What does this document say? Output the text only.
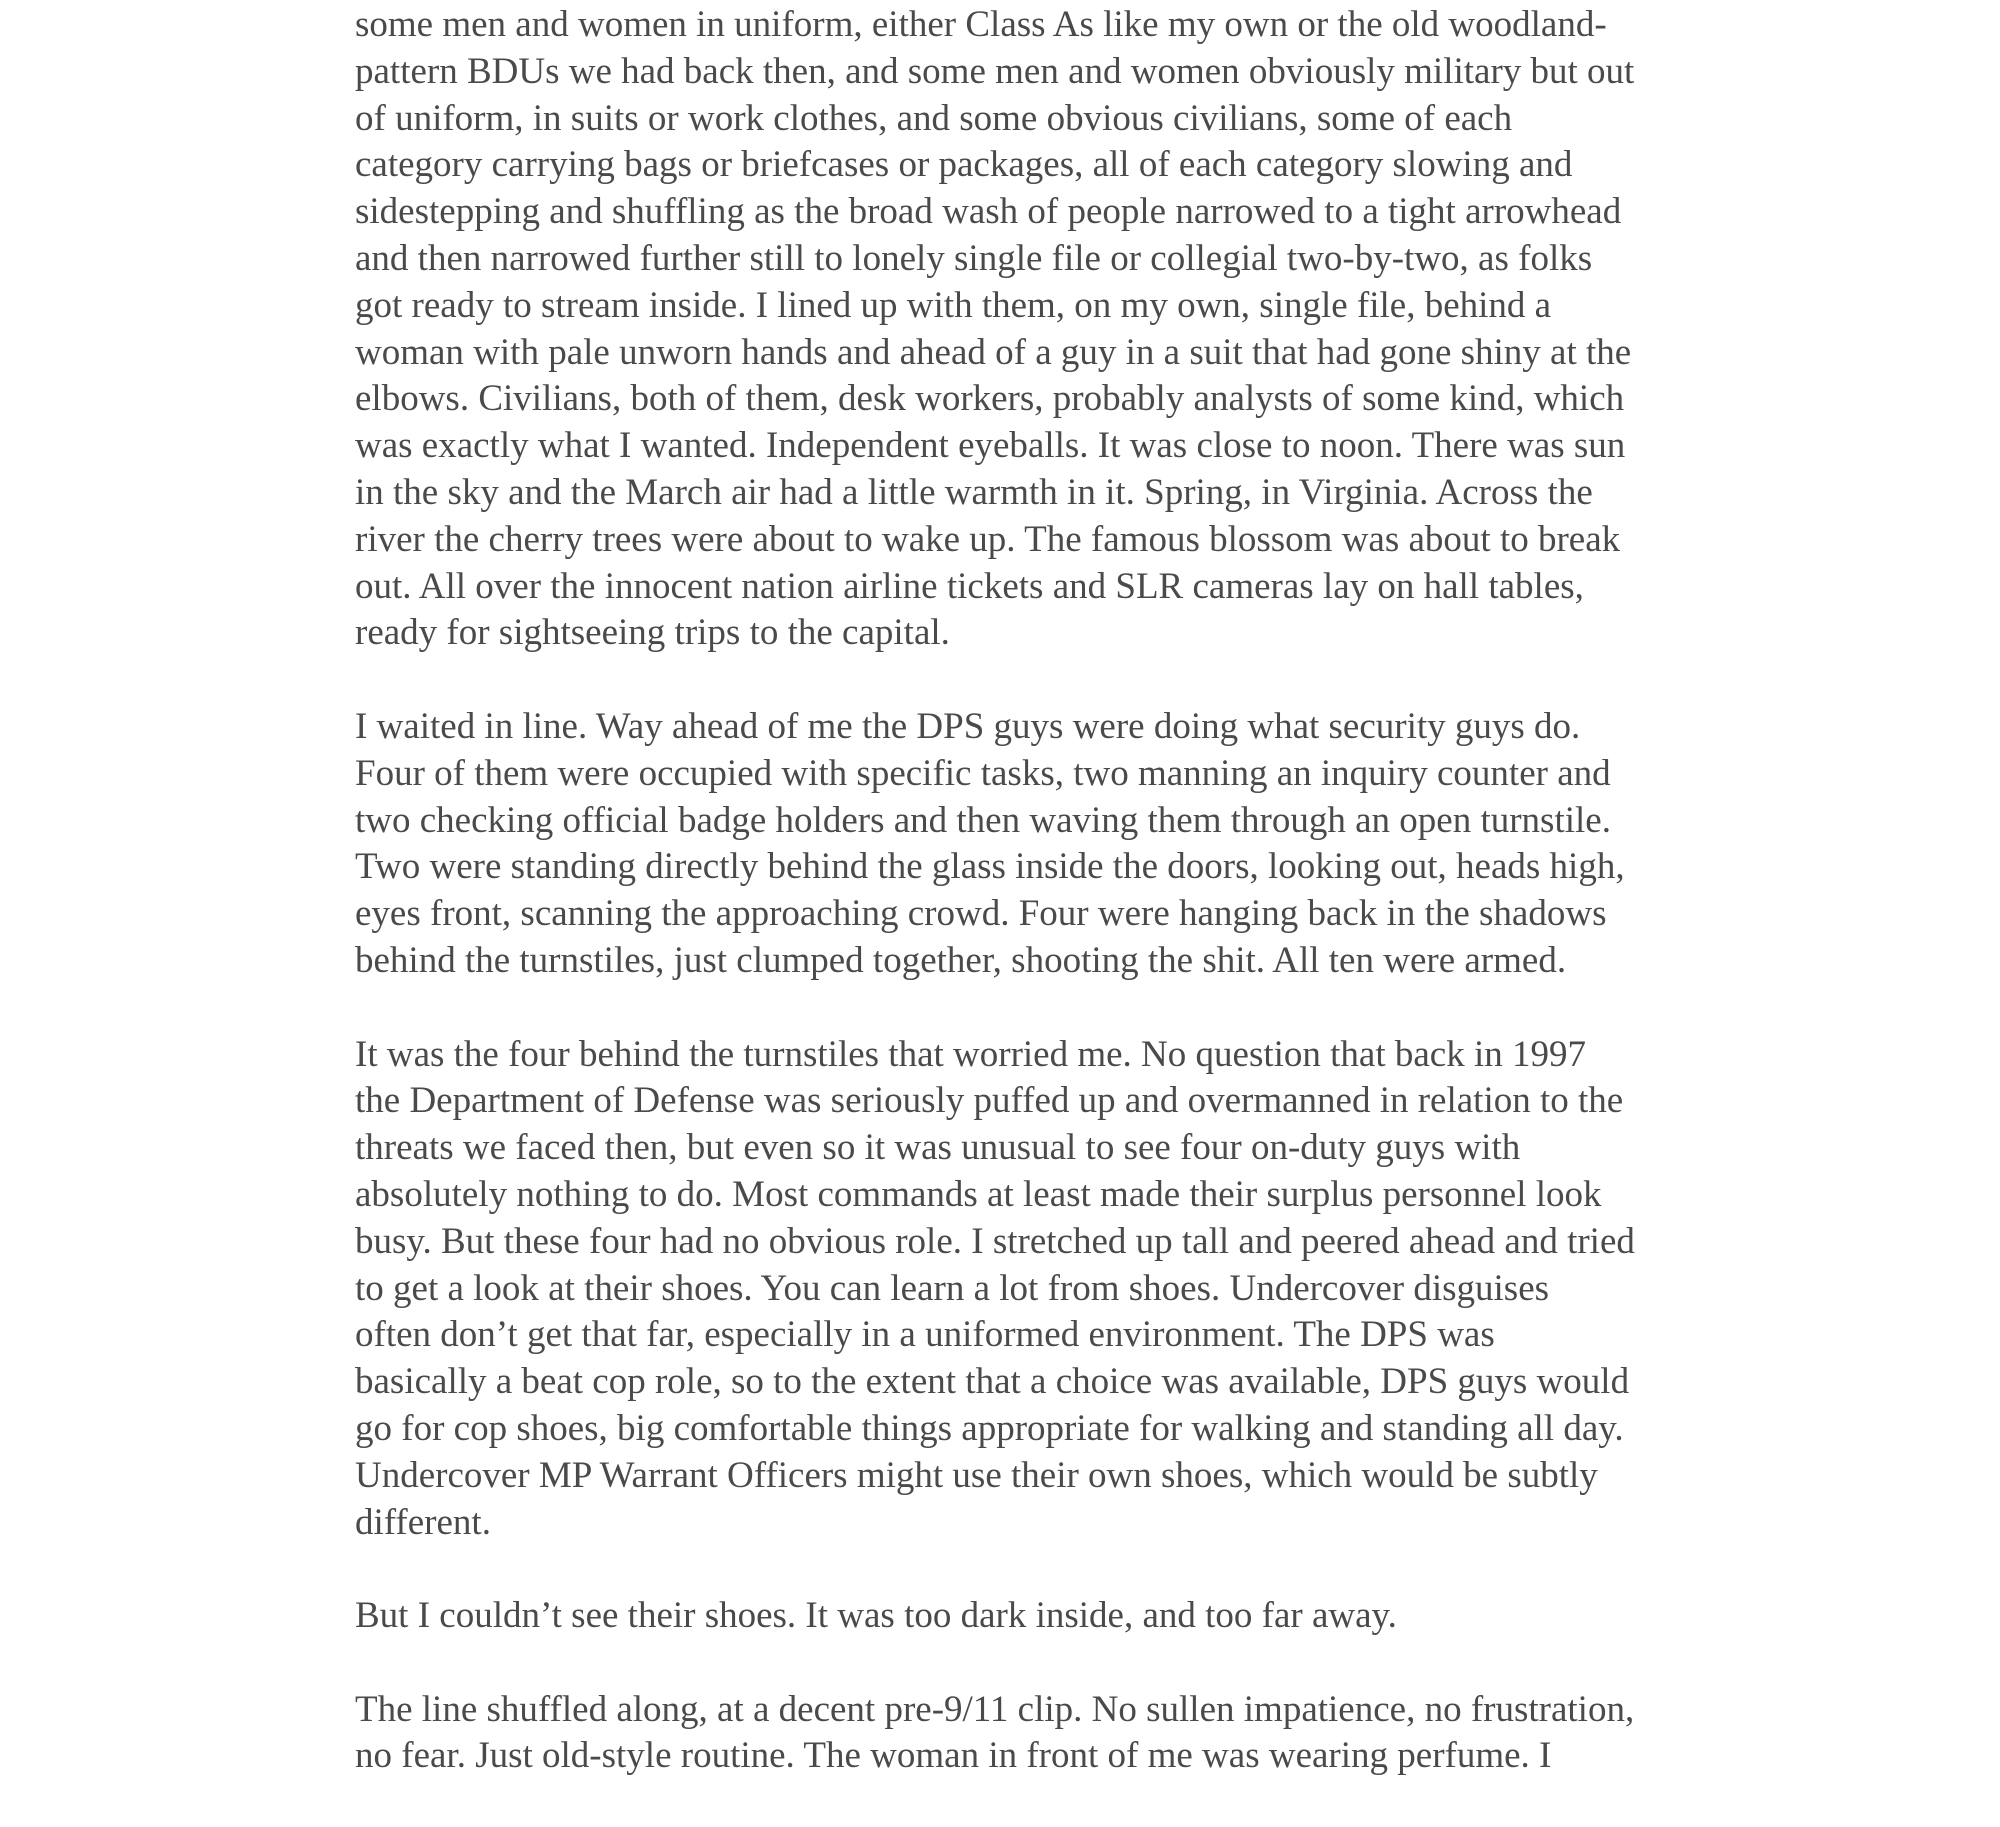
some men and women in uniform, either Class As like my own or the old woodland-
pattern BDUs we had back then, and some men and women obviously military but out
of uniform, in suits or work clothes, and some obvious civilians, some of each
category carrying bags or briefcases or packages, all of each category slowing and
sidestepping and shuffling as the broad wash of people narrowed to a tight arrowhead
and then narrowed further still to lonely single file or collegial two-by-two, as folks
got ready to stream inside. I lined up with them, on my own, single file, behind a
woman with pale unworn hands and ahead of a guy in a suit that had gone shiny at the
elbows. Civilians, both of them, desk workers, probably analysts of some kind, which
was exactly what I wanted. Independent eyeballs. It was close to noon. There was sun
in the sky and the March air had a little warmth in it. Spring, in Virginia. Across the
river the cherry trees were about to wake up. The famous blossom was about to break
out. All over the innocent nation airline tickets and SLR cameras lay on hall tables,
ready for sightseeing trips to the capital.

I waited in line. Way ahead of me the DPS guys were doing what security guys do.
Four of them were occupied with specific tasks, two manning an inquiry counter and
two checking official badge holders and then waving them through an open turnstile.
Two were standing directly behind the glass inside the doors, looking out, heads high,
eyes front, scanning the approaching crowd. Four were hanging back in the shadows
behind the turnstiles, just clumped together, shooting the shit. All ten were armed.

It was the four behind the turnstiles that worried me. No question that back in 1997
the Department of Defense was seriously puffed up and overmanned in relation to the
threats we faced then, but even so it was unusual to see four on-duty guys with
absolutely nothing to do. Most commands at least made their surplus personnel look
busy. But these four had no obvious role. I stretched up tall and peered ahead and tried
to get a look at their shoes. You can learn a lot from shoes. Undercover disguises
often don’t get that far, especially in a uniformed environment. The DPS was
basically a beat cop role, so to the extent that a choice was available, DPS guys would
go for cop shoes, big comfortable things appropriate for walking and standing all day.
Undercover MP Warrant Officers might use their own shoes, which would be subtly
different.

But I couldn’t see their shoes. It was too dark inside, and too far away.

The line shuffled along, at a decent pre-9/11 clip. No sullen impatience, no frustration,
no fear. Just old-style routine. The woman in front of me was wearing perfume. I
